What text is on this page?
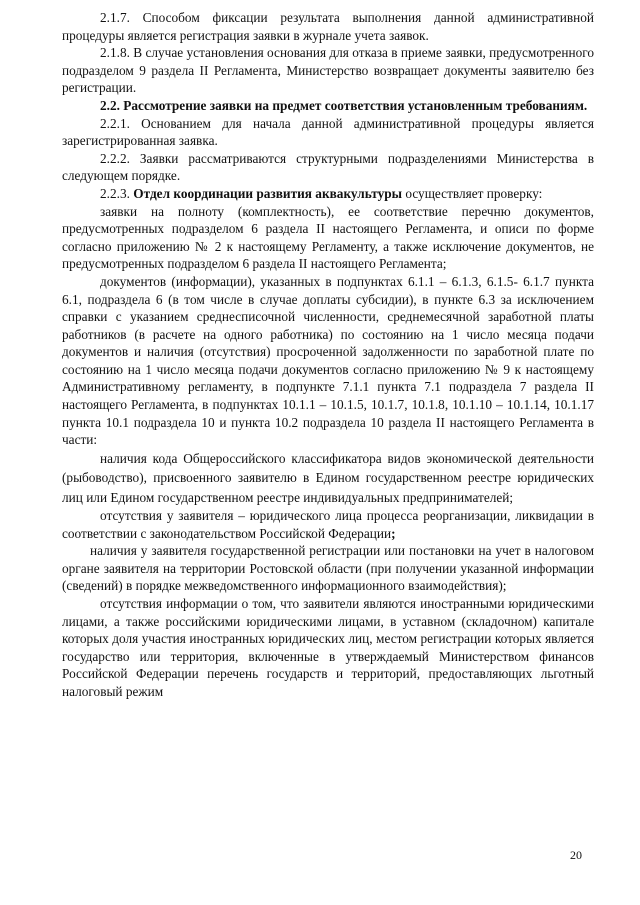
2.1.7. Способом фиксации результата выполнения данной административной процедуры является регистрация заявки в журнале учета заявок.

2.1.8. В случае установления основания для отказа в приеме заявки, предусмотренного подразделом 9 раздела II Регламента, Министерство возвращает документы заявителю без регистрации.

2.2. Рассмотрение заявки на предмет соответствия установленным требованиям.

2.2.1. Основанием для начала данной административной процедуры является зарегистрированная заявка.

2.2.2. Заявки рассматриваются структурными подразделениями Министерства в следующем порядке.

2.2.3. Отдел координации развития аквакультуры осуществляет проверку:

заявки на полноту (комплектность), ее соответствие перечню документов, предусмотренных подразделом 6 раздела II настоящего Регламента, и описи по форме согласно приложению № 2 к настоящему Регламенту, а также исключение документов, не предусмотренных подразделом 6 раздела II настоящего Регламента;

документов (информации), указанных в подпунктах 6.1.1 – 6.1.3, 6.1.5- 6.1.7 пункта 6.1, подраздела 6 (в том числе в случае доплаты субсидии), в пункте 6.3 за исключением справки с указанием среднесписочной численности, среднемесячной заработной платы работников (в расчете на одного работника) по состоянию на 1 число месяца подачи документов и наличия (отсутствия) просроченной задолженности по заработной плате по состоянию на 1 число месяца подачи документов согласно приложению № 9 к настоящему Административному регламенту, в подпункте 7.1.1 пункта 7.1 подраздела 7 раздела II настоящего Регламента, в подпунктах 10.1.1 – 10.1.5, 10.1.7, 10.1.8, 10.1.10 – 10.1.14, 10.1.17 пункта 10.1 подраздела 10 и пункта 10.2 подраздела 10 раздела II настоящего Регламента в части:

наличия кода Общероссийского классификатора видов экономической деятельности (рыбоводство), присвоенного заявителю в Едином государственном реестре юридических лиц или Едином государственном реестре индивидуальных предпринимателей;

отсутствия у заявителя – юридического лица процесса реорганизации, ликвидации в соответствии с законодательством Российской Федерации;

наличия у заявителя государственной регистрации или постановки на учет в налоговом органе заявителя на территории Ростовской области (при получении указанной информации (сведений) в порядке межведомственного информационного взаимодействия);

отсутствия информации о том, что заявители являются иностранными юридическими лицами, а также российскими юридическими лицами, в уставном (складочном) капитале которых доля участия иностранных юридических лиц, местом регистрации которых является государство или территория, включенные в утверждаемый Министерством финансов Российской Федерации перечень государств и территорий, предоставляющих льготный налоговый режим

20
